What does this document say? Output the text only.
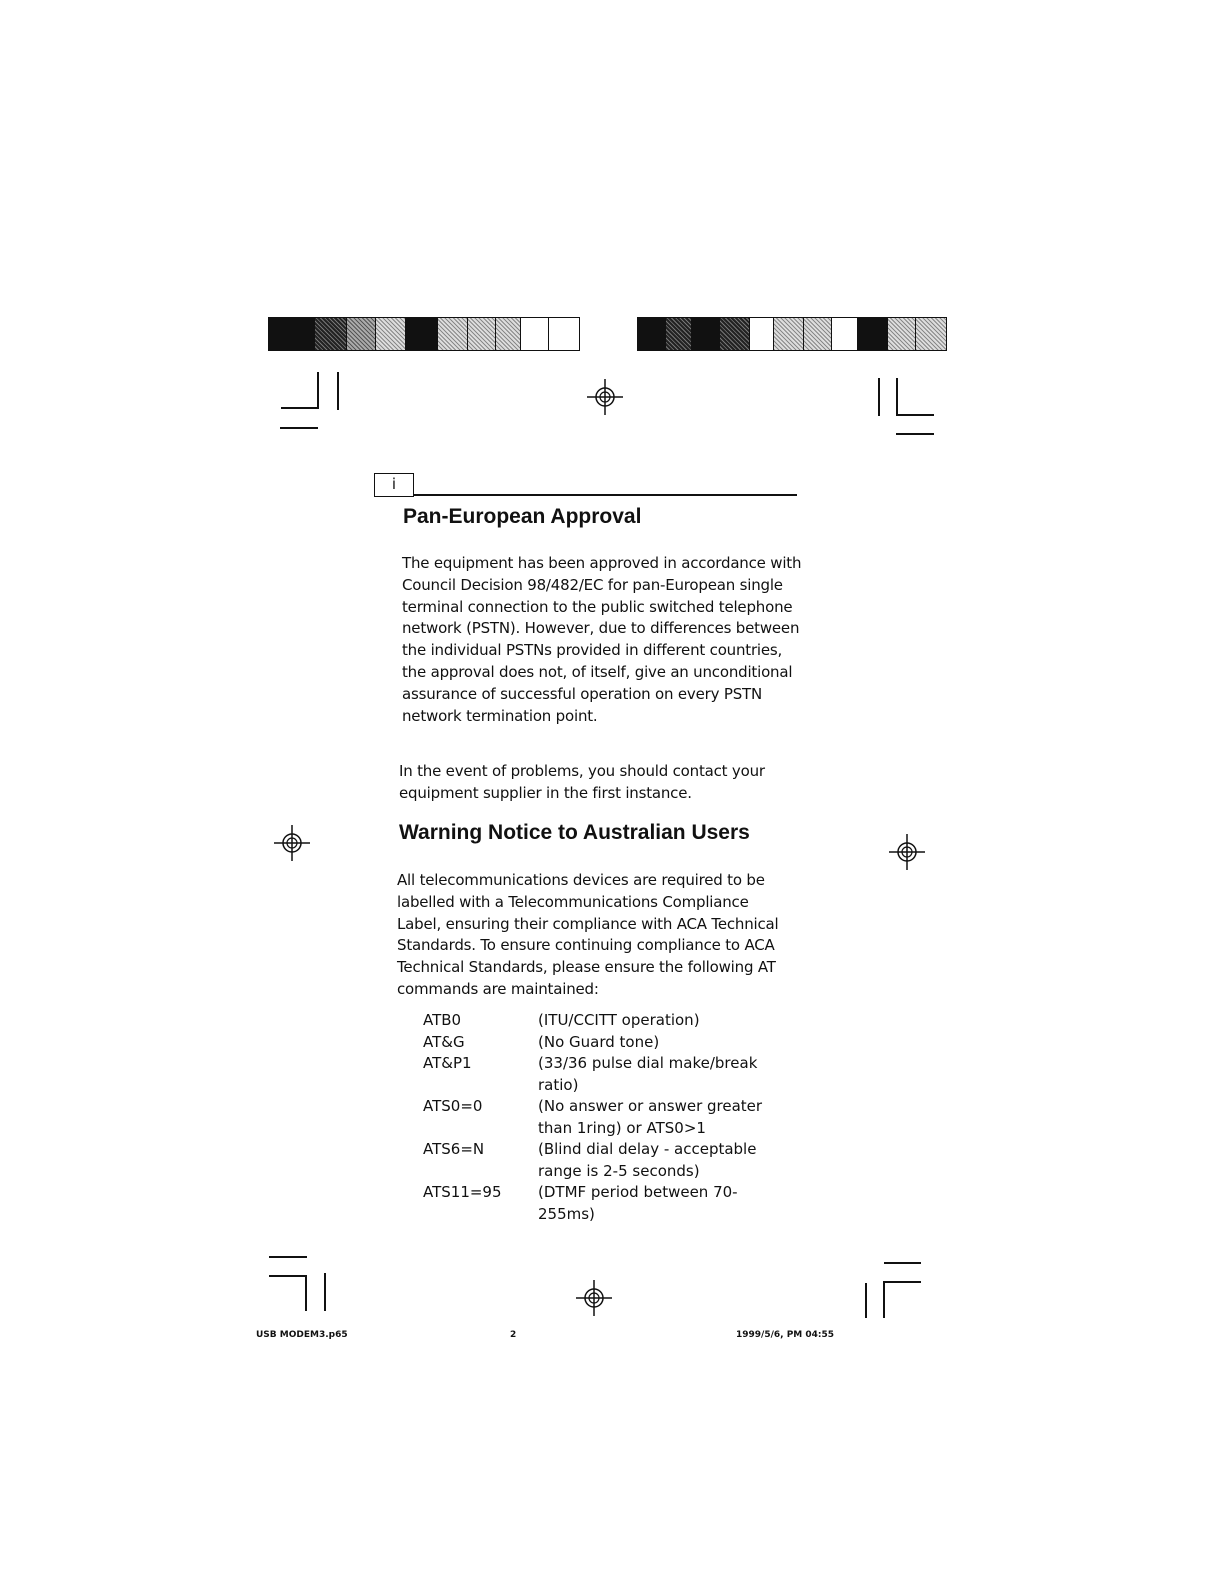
i
Pan-European Approval

The equipment has been approved in accordance with Council Decision 98/482/EC for pan-European single terminal connection to the public switched telephone network (PSTN). However, due to differences between the individual PSTNs provided in different countries, the approval does not, of itself, give an unconditional assurance of successful operation on every PSTN network termination point.

In the event of problems, you should contact your equipment supplier in the first instance.

Warning Notice to Australian Users

All telecommunications devices are required to be labelled with a Telecommunications Compliance Label, ensuring their compliance with ACA Technical Standards. To ensure continuing compliance to ACA Technical Standards, please ensure the following AT commands are maintained:

ATB0	(ITU/CCITT operation)
AT&G	(No Guard tone)
AT&P1	(33/36 pulse dial make/break ratio)
ATS0=0	(No answer or answer greater than 1ring) or ATS0>1
ATS6=N	(Blind dial delay - acceptable range is 2-5 seconds)
ATS11=95	(DTMF period between 70-255ms)
USB MODEM3.p65	2	1999/5/6, PM 04:55
